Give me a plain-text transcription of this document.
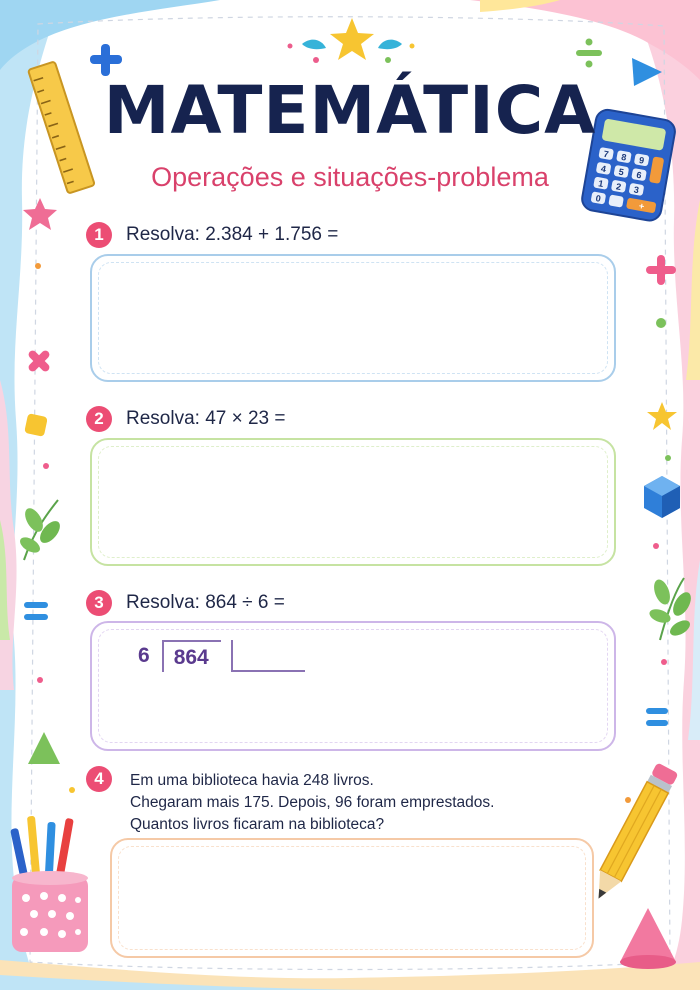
7 8 9
4 5 6
1 2 3
0
+
MATEMÁTICA
Operações e situações-problema
1	Resolva: 2.384 + 1.756 =
2	Resolva: 47 × 23 =
3	Resolva: 864 ÷ 6 =
6	864
4	Em uma biblioteca havia 248 livros.
Chegaram mais 175. Depois, 96 foram emprestados.
Quantos livros ficaram na biblioteca?
